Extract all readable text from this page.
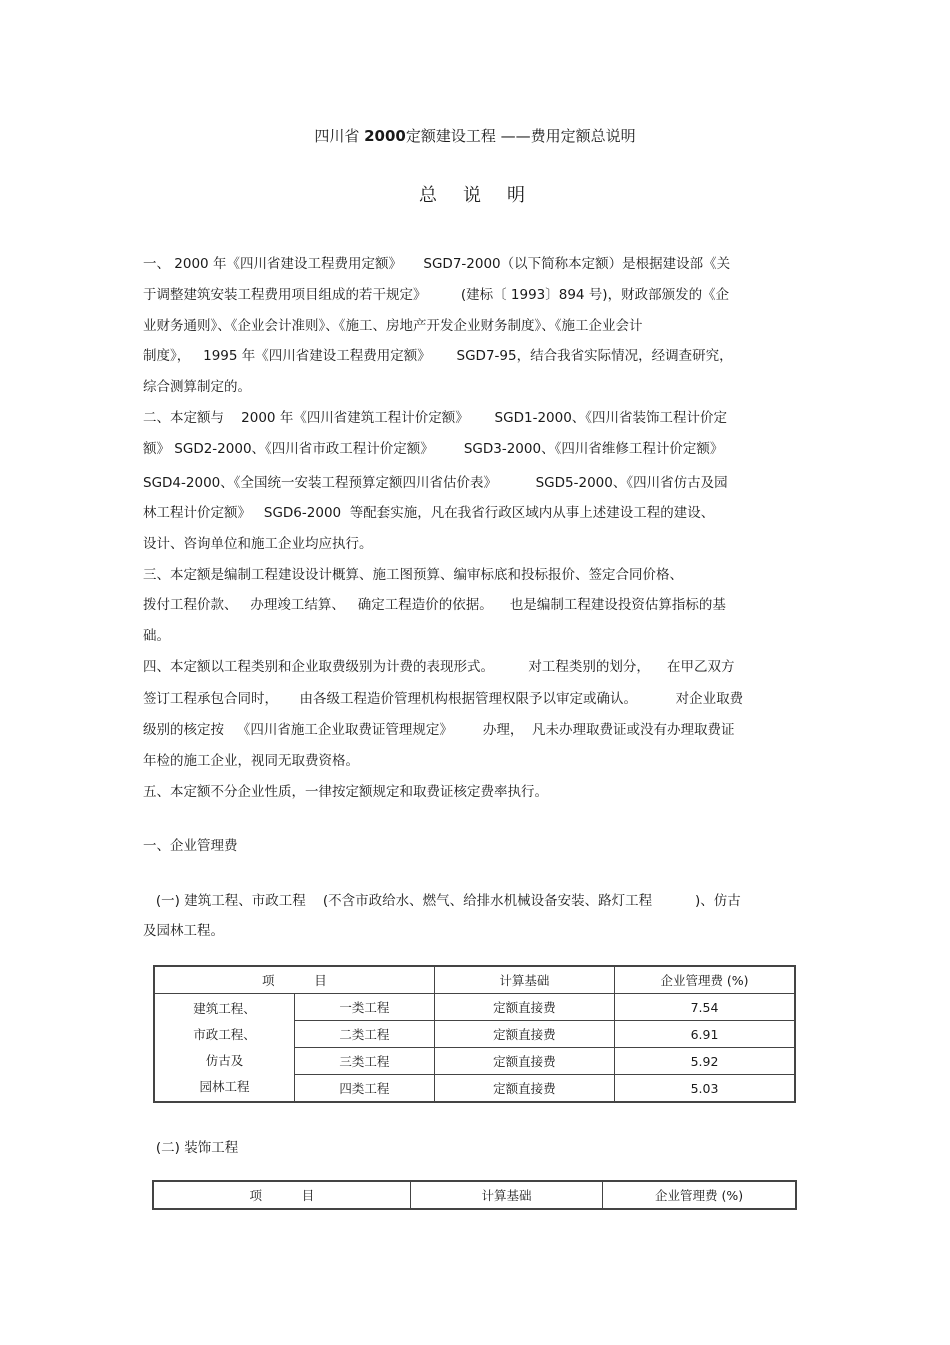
四川省 2000定额建设工程 ——费用定额总说明
总说明
一、 2000 年《四川省建设工程费用定额》     SGD7-2000（以下简称本定额）是根据建设部《关
于调整建筑安装工程费用项目组成的若干规定》        (建标〔 1993〕894 号)，财政部颁发的《企
业财务通则》、《企业会计准则》、《施工、房地产开发企业财务制度》、《施工企业会计
制度》，   1995 年《四川省建设工程费用定额》      SGD7-95，结合我省实际情况，经调查研究，
综合测算制定的。
二、本定额与    2000 年《四川省建筑工程计价定额》      SGD1-2000、《四川省装饰工程计价定
额》 SGD2-2000、《四川省市政工程计价定额》       SGD3-2000、《四川省维修工程计价定额》
SGD4-2000、《全国统一安装工程预算定额四川省估价表》         SGD5-2000、《四川省仿古及园
林工程计价定额》   SGD6-2000  等配套实施，凡在我省行政区域内从事上述建设工程的建设、
设计、咨询单位和施工企业均应执行。
三、本定额是编制工程建设设计概算、施工图预算、编审标底和投标报价、签定合同价格、
拨付工程价款、   办理竣工结算、   确定工程造价的依据。    也是编制工程建设投资估算指标的基
础。
四、本定额以工程类别和企业取费级别为计费的表现形式。        对工程类别的划分，    在甲乙双方
签订工程承包合同时，     由各级工程造价管理机构根据管理权限予以审定或确认。         对企业取费
级别的核定按   《四川省施工企业取费证管理规定》       办理，  凡未办理取费证或没有办理取费证
年检的施工企业，视同无取费资格。
五、本定额不分企业性质，一律按定额规定和取费证核定费率执行。
一、企业管理费
(一) 建筑工程、市政工程    (不含市政给水、燃气、给排水机械设备安装、路灯工程          )、仿古
及园林工程。
(二) 装饰工程
项          目		计算基础	企业管理费 (%)

建筑工程、
市政工程、
仿古及
园林工程	一类工程	定额直接费	7.54
	二类工程	定额直接费	6.91
	三类工程	定额直接费	5.92
	四类工程	定额直接费	5.03
项          目	计算基础	企业管理费 (%)
